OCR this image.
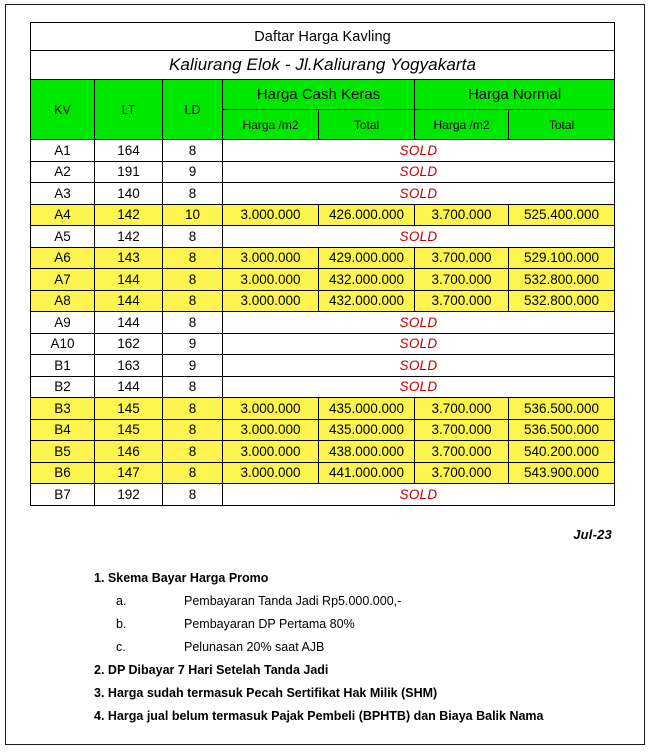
Daftar Harga Kavling						
Kaliurang Elok - Jl.Kaliurang Yogyakarta						
KV	LT	LD	Harga Cash Keras		Harga Normal	
			Harga /m2	Total	Harga /m2	Total
A1	164	8	SOLD			
A2	191	9	SOLD			
A3	140	8	SOLD			
A4	142	10	3.000.000	426.000.000	3.700.000	525.400.000
A5	142	8	SOLD			
A6	143	8	3.000.000	429.000.000	3.700.000	529.100.000
A7	144	8	3.000.000	432.000.000	3.700.000	532.800.000
A8	144	8	3.000.000	432.000.000	3.700.000	532.800.000
A9	144	8	SOLD			
A10	162	9	SOLD			
B1	163	9	SOLD			
B2	144	8	SOLD			
B3	145	8	3.000.000	435.000.000	3.700.000	536.500.000
B4	145	8	3.000.000	435.000.000	3.700.000	536.500.000
B5	146	8	3.000.000	438.000.000	3.700.000	540.200.000
B6	147	8	3.000.000	441.000.000	3.700.000	543.900.000
B7	192	8	SOLD			
Jul-23
1. Skema Bayar Harga Promo
a.	Pembayaran Tanda Jadi Rp5.000.000,-
b.	Pembayaran DP Pertama 80%
c.	Pelunasan 20% saat AJB
2. DP Dibayar 7 Hari Setelah Tanda Jadi
3. Harga sudah termasuk Pecah Sertifikat Hak Milik (SHM)
4. Harga jual belum termasuk Pajak Pembeli (BPHTB) dan Biaya Balik Nama
